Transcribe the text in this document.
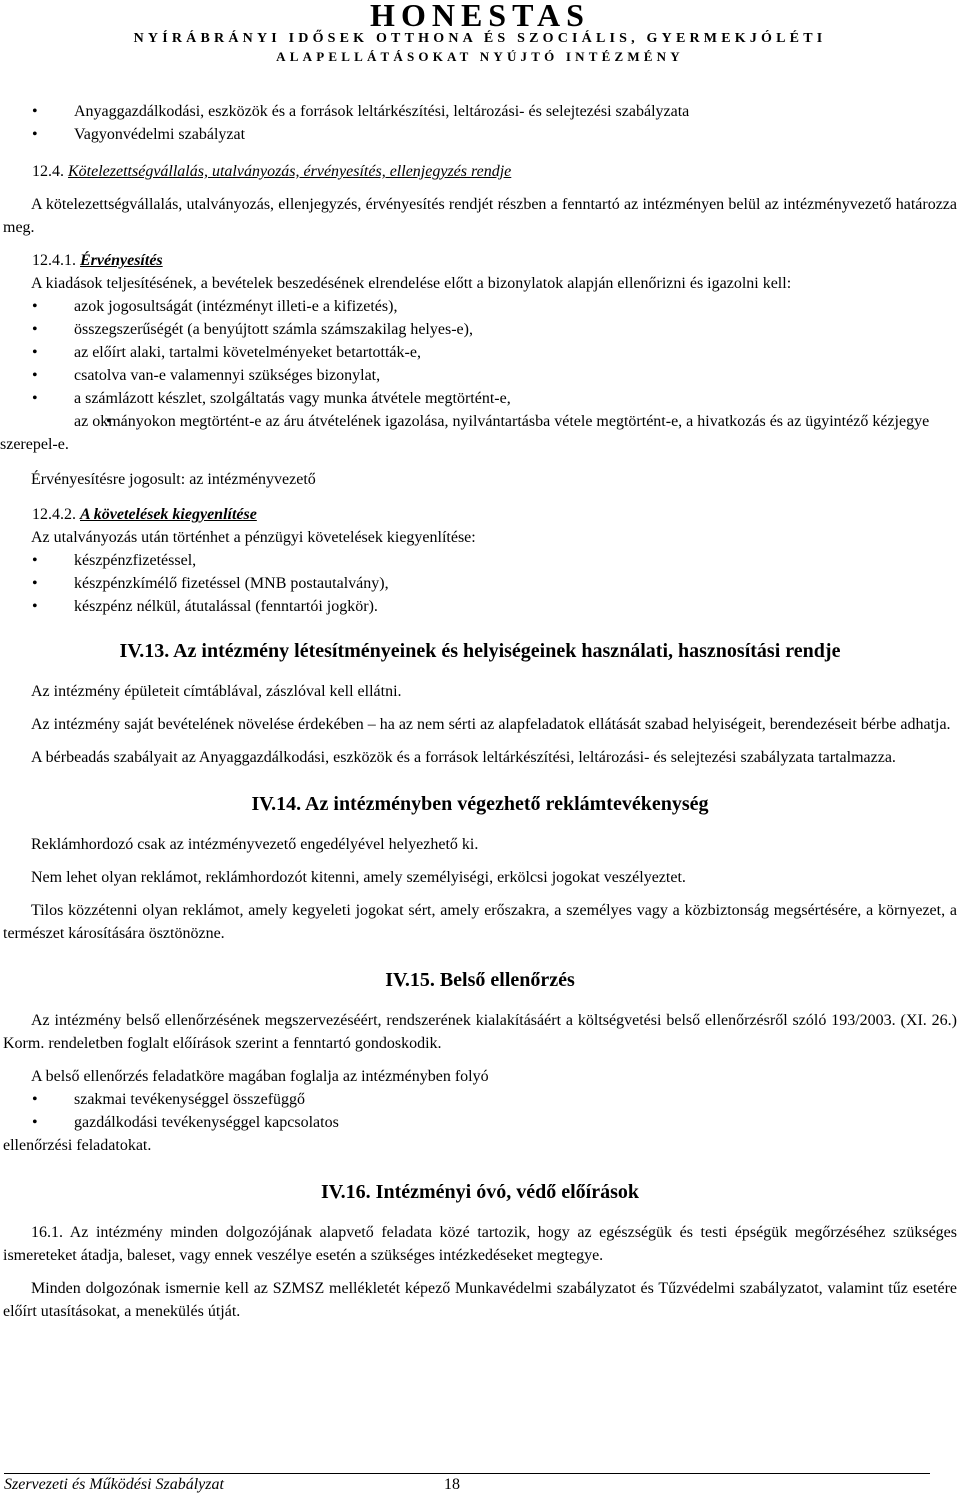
HONESTAS
NYÍRÁBRÁNYI IDŐSEK OTTHONA ÉS SZOCIÁLIS, GYERMEKJÓLÉTI
ALAPELLÁTÁSOKAT NYÚJTÓ INTÉZMÉNY
• Anyaggazdálkodási, eszközök és a források leltárkészítési, leltározási- és selejtezési szabályzata
• Vagyonvédelmi szabályzat
12.4. Kötelezettségvállalás, utalványozás, érvényesítés, ellenjegyzés rendje

A kötelezettségvállalás, utalványozás, ellenjegyzés, érvényesítés rendjét részben a fenntartó az intézményen belül az intézményvezető határozza meg.

12.4.1. Érvényesítés

A kiadások teljesítésének, a bevételek beszedésének elrendelése előtt a bizonylatok alapján ellenőrizni és igazolni kell:

• azok jogosultságát (intézményt illeti-e a kifizetés),
• összegszerűségét (a benyújtott számla számszakilag helyes-e),
• az előírt alaki, tartalmi követelményeket betartották-e,
• csatolva van-e valamennyi szükséges bizonylat,
• a számlázott készlet, szolgáltatás vagy munka átvétele megtörtént-e,
• az okmányokon megtörtént-e az áru átvételének igazolása, nyilvántartásba vétele megtörtént-e, a hivatkozás és az ügyintéző kézjegye szerepel-e.

Érvényesítésre jogosult: az intézményvezető

12.4.2. A követelések kiegyenlítése

Az utalványozás után történhet a pénzügyi követelések kiegyenlítése:

• készpénzfizetéssel,
• készpénzkímélő fizetéssel (MNB postautalvány),
• készpénz nélkül, átutalással (fenntartói jogkör).
IV.13. Az intézmény létesítményeinek és helyiségeinek használati, hasznosítási rendje

Az intézmény épületeit címtáblával, zászlóval kell ellátni.

Az intézmény saját bevételének növelése érdekében – ha az nem sérti az alapfeladatok ellátását szabad helyiségeit, berendezéseit bérbe adhatja.

A bérbeadás szabályait az Anyaggazdálkodási, eszközök és a források leltárkészítési, leltározási- és selejtezési szabályzata tartalmazza.

IV.14. Az intézményben végezhető reklámtevékenység

Reklámhordozó csak az intézményvezető engedélyével helyezhető ki.

Nem lehet olyan reklámot, reklámhordozót kitenni, amely személyiségi, erkölcsi jogokat veszélyeztet.

Tilos közzétenni olyan reklámot, amely kegyeleti jogokat sért, amely erőszakra, a személyes vagy a közbiztonság megsértésére, a környezet, a természet károsítására ösztönözne.

IV.15. Belső ellenőrzés

Az intézmény belső ellenőrzésének megszervezéséért, rendszerének kialakításáért a költségvetési belső ellenőrzésről szóló 193/2003. (XI. 26.) Korm. rendeletben foglalt előírások szerint a fenntartó gondoskodik.

A belső ellenőrzés feladatköre magában foglalja az intézményben folyó

• szakmai tevékenységgel összefüggő
• gazdálkodási tevékenységgel kapcsolatos

ellenőrzési feladatokat.

IV.16. Intézményi óvó, védő előírások

16.1. Az intézmény minden dolgozójának alapvető feladata közé tartozik, hogy az egészségük és testi épségük megőrzéséhez szükséges ismereteket átadja, baleset, vagy ennek veszélye esetén a szükséges intézkedéseket megtegye.

Minden dolgozónak ismernie kell az SZMSZ mellékletét képező Munkavédelmi szabályzatot és Tűzvédelmi szabályzatot, valamint tűz esetére előírt utasításokat, a menekülés útját.

Szervezeti és Működési Szabályzat	18
